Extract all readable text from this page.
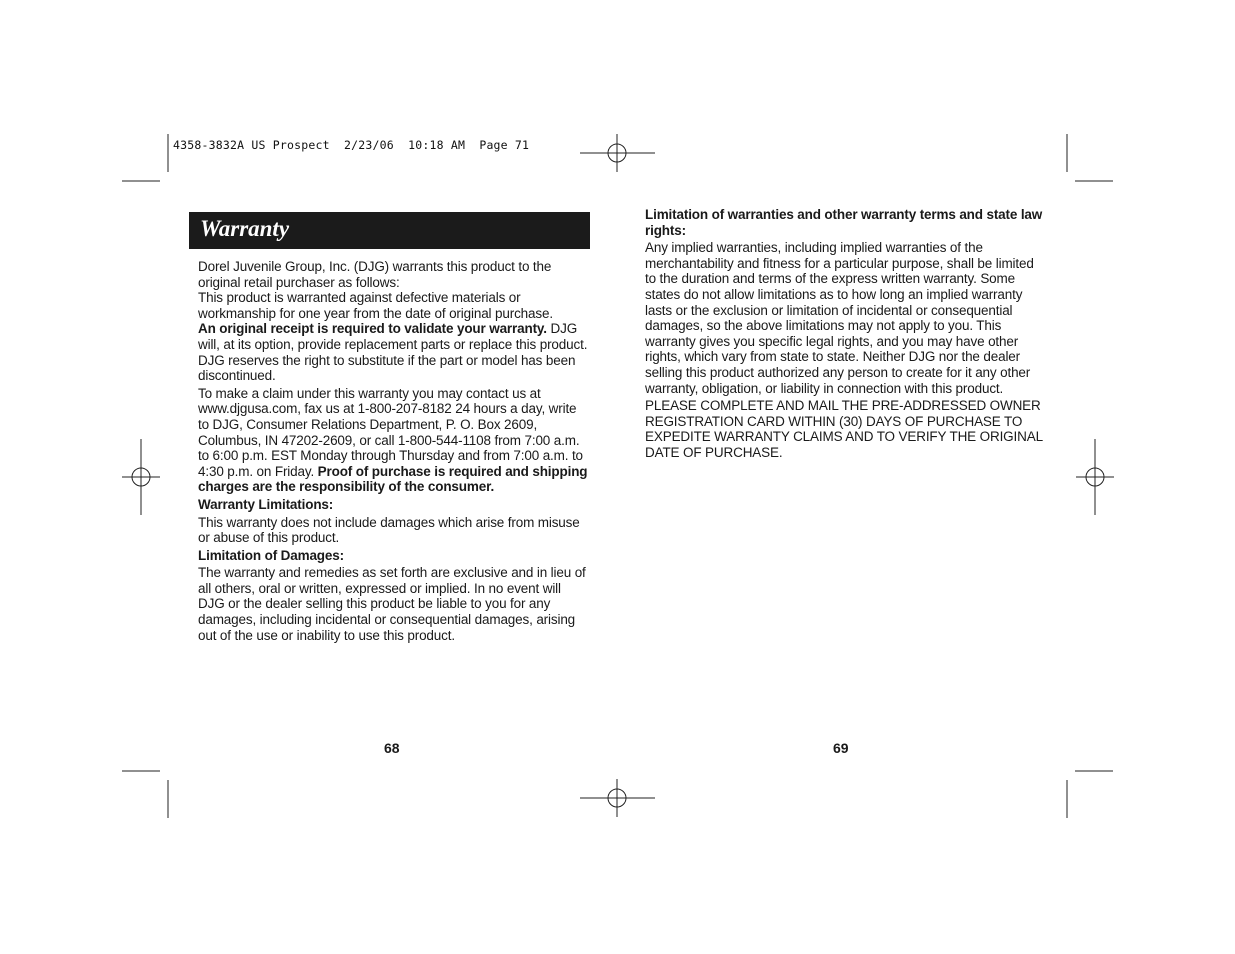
4358-3832A US Prospect  2/23/06  10:18 AM  Page 71
Warranty

Dorel Juvenile Group, Inc. (DJG) warrants this product to the original retail purchaser as follows:
This product is warranted against defective materials or workmanship for one year from the date of original purchase.
An original receipt is required to validate your warranty. DJG will, at its option, provide replacement parts or replace this product. DJG reserves the right to substitute if the part or model has been discontinued.

To make a claim under this warranty you may contact us at www.djgusa.com, fax us at 1-800-207-8182 24 hours a day, write to DJG, Consumer Relations Department, P. O. Box 2609, Columbus, IN 47202-2609, or call 1-800-544-1108 from 7:00 a.m. to 6:00 p.m. EST Monday through Thursday and from 7:00 a.m. to 4:30 p.m. on Friday. Proof of purchase is required and shipping charges are the responsibility of the consumer.

Warranty Limitations:

This warranty does not include damages which arise from misuse or abuse of this product.

Limitation of Damages:

The warranty and remedies as set forth are exclusive and in lieu of all others, oral or written, expressed or implied. In no event will DJG or the dealer selling this product be liable to you for any damages, including incidental or consequential damages, arising out of the use or inability to use this product.

Limitation of warranties and other warranty terms and state law rights:

Any implied warranties, including implied warranties of the merchantability and fitness for a particular purpose, shall be limited to the duration and terms of the express written warranty. Some states do not allow limitations as to how long an implied warranty lasts or the exclusion or limitation of incidental or consequential damages, so the above limitations may not apply to you. This warranty gives you specific legal rights, and you may have other rights, which vary from state to state. Neither DJG nor the dealer selling this product authorized any person to create for it any other warranty, obligation, or liability in connection with this product.

PLEASE COMPLETE AND MAIL THE PRE-ADDRESSED OWNER REGISTRATION CARD WITHIN (30) DAYS OF PURCHASE TO EXPEDITE WARRANTY CLAIMS AND TO VERIFY THE ORIGINAL DATE OF PURCHASE.

68	69
